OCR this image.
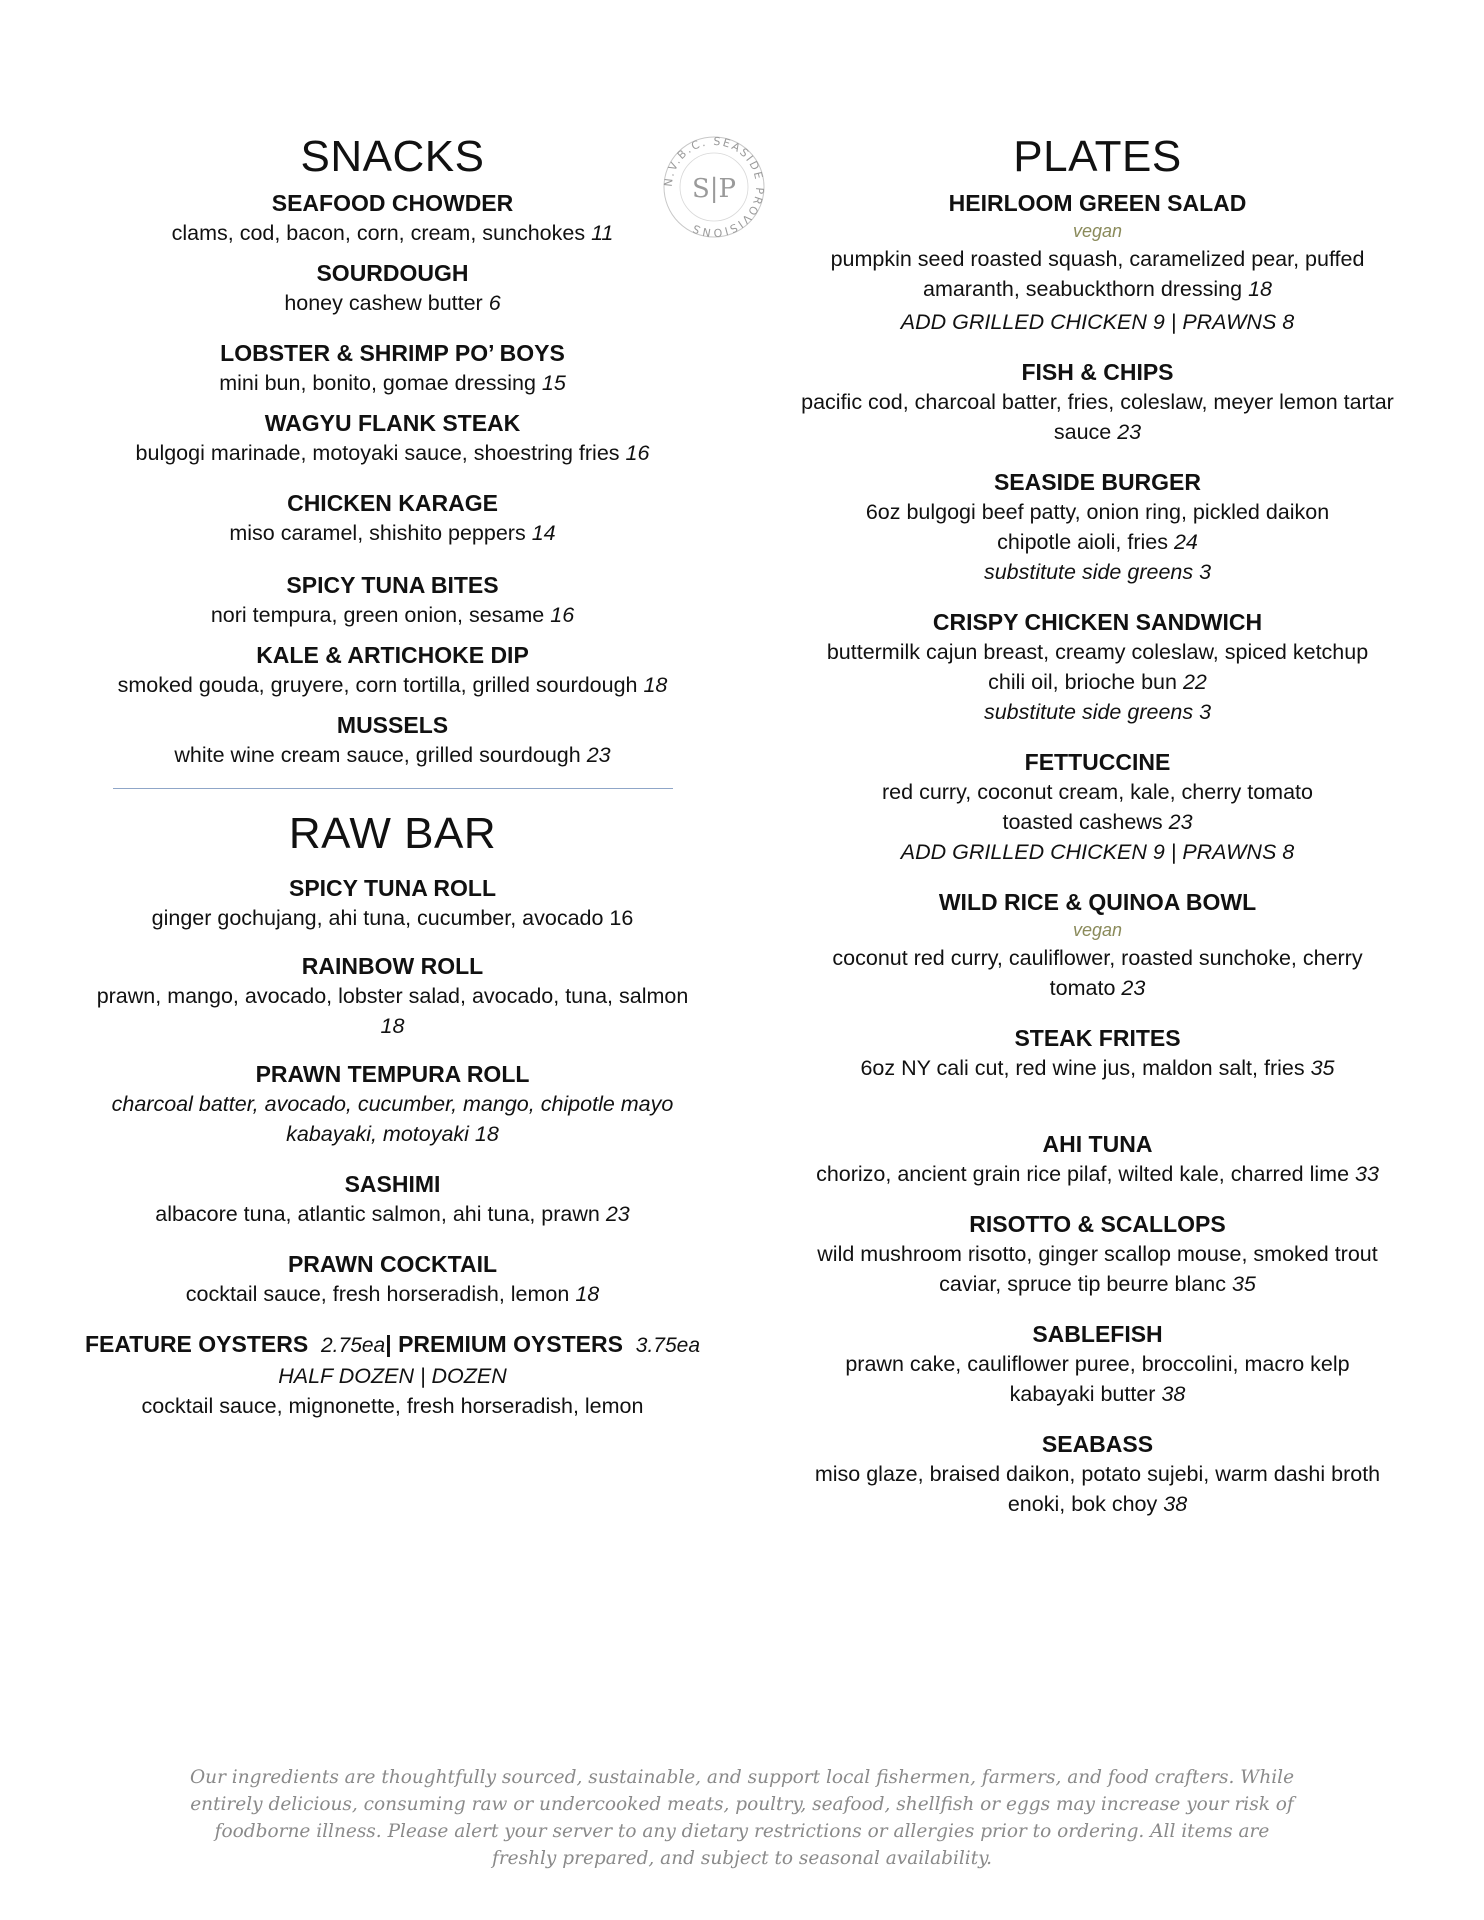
SNACKS
SEAFOOD CHOWDER
clams, cod, bacon, corn, cream, sunchokes 11
SOURDOUGH
honey cashew butter 6
LOBSTER & SHRIMP PO’ BOYS
mini bun, bonito, gomae dressing 15
WAGYU FLANK STEAK
bulgogi marinade, motoyaki sauce, shoestring fries 16
CHICKEN KARAGE
miso caramel, shishito peppers 14
SPICY TUNA BITES
nori tempura, green onion, sesame 16
KALE & ARTICHOKE DIP
smoked gouda, gruyere, corn tortilla, grilled sourdough 18
MUSSELS
white wine cream sauce, grilled sourdough 23
RAW BAR
SPICY TUNA ROLL
ginger gochujang, ahi tuna, cucumber, avocado 16
RAINBOW ROLL
prawn, mango, avocado, lobster salad, avocado, tuna, salmon
18
PRAWN TEMPURA ROLL
charcoal batter, avocado, cucumber, mango, chipotle mayo
kabayaki, motoyaki 18
SASHIMI
albacore tuna, atlantic salmon, ahi tuna, prawn 23
PRAWN COCKTAIL
cocktail sauce, fresh horseradish, lemon 18
FEATURE OYSTERS 2.75ea| PREMIUM OYSTERS 3.75ea
HALF DOZEN | DOZEN
cocktail sauce, mignonette, fresh horseradish, lemon
N.V.B.C. SEASIDE PROVISIONS
S|P
PLATES
HEIRLOOM GREEN SALAD
vegan
pumpkin seed roasted squash, caramelized pear, puffed
amaranth, seabuckthorn dressing 18
ADD GRILLED CHICKEN 9 | PRAWNS 8
FISH & CHIPS
pacific cod, charcoal batter, fries, coleslaw, meyer lemon tartar
sauce 23
SEASIDE BURGER
6oz bulgogi beef patty, onion ring, pickled daikon
chipotle aioli, fries 24
substitute side greens 3
CRISPY CHICKEN SANDWICH
buttermilk cajun breast, creamy coleslaw, spiced ketchup
chili oil, brioche bun 22
substitute side greens 3
FETTUCCINE
red curry, coconut cream, kale, cherry tomato
toasted cashews 23
ADD GRILLED CHICKEN 9 | PRAWNS 8
WILD RICE & QUINOA BOWL
vegan
coconut red curry, cauliflower, roasted sunchoke, cherry
tomato 23
STEAK FRITES
6oz NY cali cut, red wine jus, maldon salt, fries 35
AHI TUNA
chorizo, ancient grain rice pilaf, wilted kale, charred lime 33
RISOTTO & SCALLOPS
wild mushroom risotto, ginger scallop mouse, smoked trout
caviar, spruce tip beurre blanc 35
SABLEFISH
prawn cake, cauliflower puree, broccolini, macro kelp
kabayaki butter 38
SEABASS
miso glaze, braised daikon, potato sujebi, warm dashi broth
enoki, bok choy 38
Our ingredients are thoughtfully sourced, sustainable, and support local fishermen, farmers, and food crafters. While
entirely delicious, consuming raw or undercooked meats, poultry, seafood, shellfish or eggs may increase your risk of
foodborne illness. Please alert your server to any dietary restrictions or allergies prior to ordering. All items are
freshly prepared, and subject to seasonal availability.
